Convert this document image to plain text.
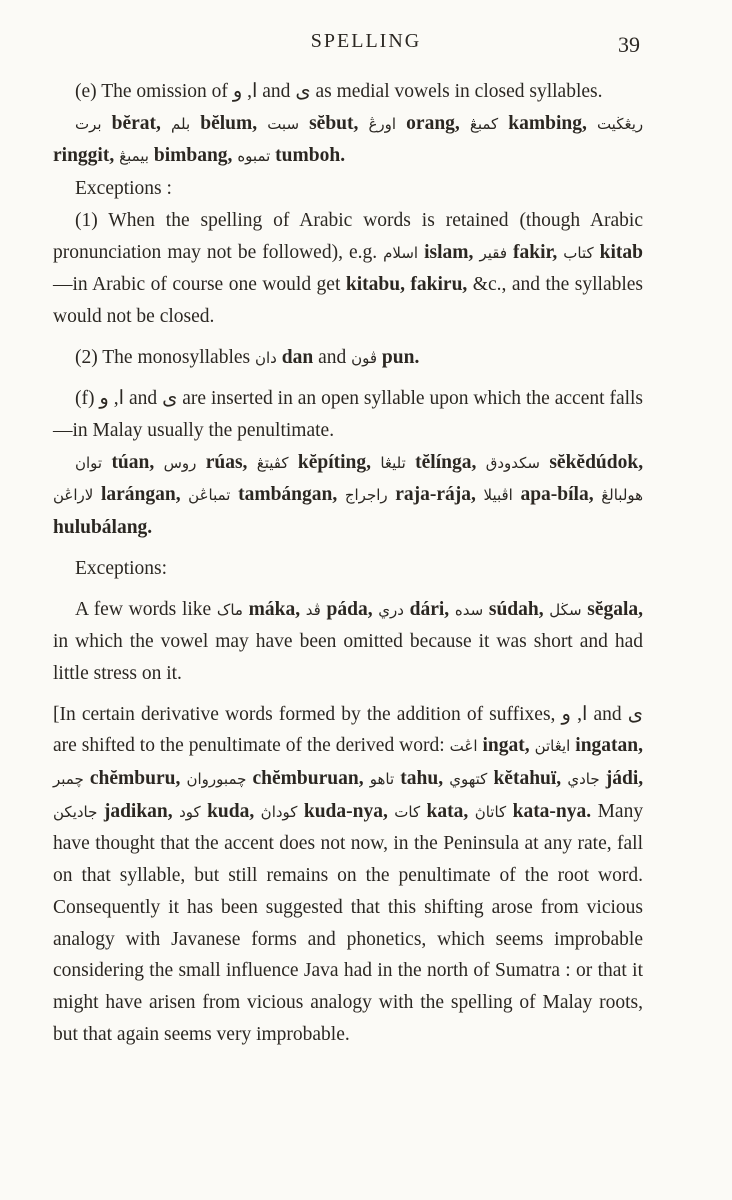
SPELLING	39

(e) The omission of ا, و and ى as medial vowels in closed syllables.

برت bĕrat, بلم bĕlum, سبت sĕbut, اورڠ orang, کمبڠ kambing, ريڠڬيت ringgit, بيمبڠ bimbang, تمبوه tumboh.

Exceptions :

(1) When the spelling of Arabic words is retained (though Arabic pronunciation may not be followed), e.g. اسلام islam, فقير fakir, کتاب kitab—in Arabic of course one would get kitabu, fakiru, &c., and the syllables would not be closed.

(2) The monosyllables دان dan and ڤون pun.

(f) ا, و and ى are inserted in an open syllable upon which the accent falls—in Malay usually the penultimate.

توان túan, روس rúas, کڤيتڠ kĕpíting, تليڠا tĕlínga, سکدودق sĕkĕdúdok, لاراڠن larángan, تمباڠن tambángan, راجراج raja-rája, اڤبيلا apa-bíla, هولبالڠ hulubálang.

Exceptions:

A few words like ماک máka, ڤد páda, دري dári, سده súdah, سڬل sĕgala, in which the vowel may have been omitted because it was short and had little stress on it.

[In certain derivative words formed by the addition of suffixes, ا, و and ى are shifted to the penultimate of the derived word: اڠت ingat, ايڠاتن ingatan, چمبر chĕmburu, چمبوروان chĕmburuan, تاهو tahu, کتهوي kĕtahuï, جادي jádi, جاديکن jadikan, کود kuda, کوداڽ kuda-nya, کات kata, کاتاڽ kata-nya. Many have thought that the accent does not now, in the Peninsula at any rate, fall on that syllable, but still remains on the penultimate of the root word. Consequently it has been suggested that this shifting arose from vicious analogy with Javanese forms and phonetics, which seems improbable considering the small influence Java had in the north of Sumatra : or that it might have arisen from vicious analogy with the spelling of Malay roots, but that again seems very improbable.
